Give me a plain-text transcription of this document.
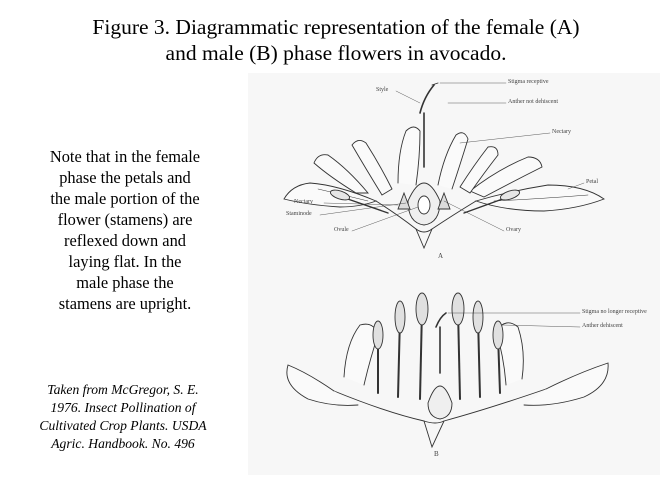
Figure 3. Diagrammatic representation of the female (A)
and male (B) phase flowers in avocado.
Note that in the female
phase the petals and
the male portion of the
flower (stamens) are
reflexed down and
laying flat. In the
male phase the
stamens are upright.
Taken from McGregor, S. E.
1976. Insect Pollination of
Cultivated Crop Plants. USDA
Agric. Handbook. No. 496
Stigma receptive
Style
Anther not dehiscent
Nectary
Petal
Nectary
Staminode
Ovule	Ovary
A
Stigma no longer receptive
Anther dehiscent
B
